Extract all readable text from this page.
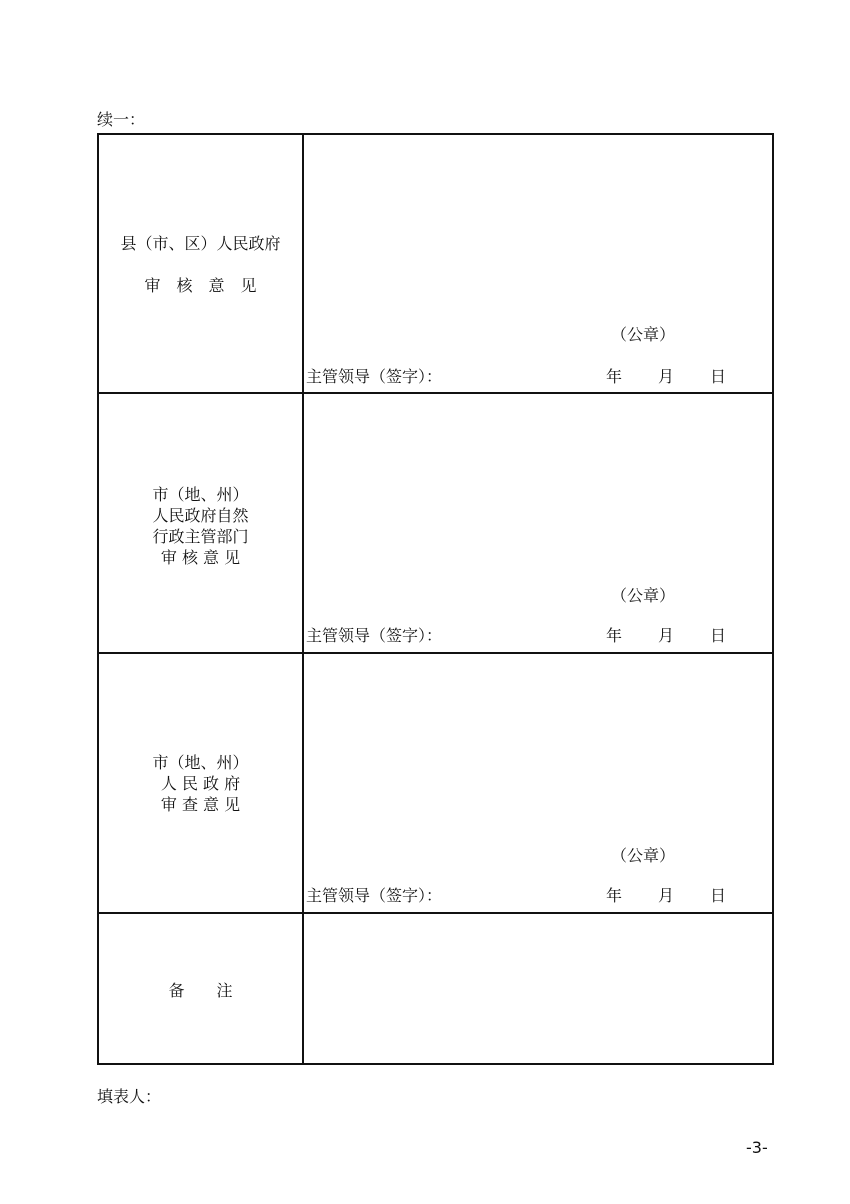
续一：
县（市、区）人民政府
审　核　意　见
（公章）
主管领导（签字）：	年 月 日
市（地、州）
人民政府自然
行政主管部门
审 核 意 见
（公章）
主管领导（签字）：	年 月 日
市（地、州）
人 民 政 府
审 查 意 见
（公章）
主管领导（签字）：	年 月 日
备　　注
填表人：
-3-
